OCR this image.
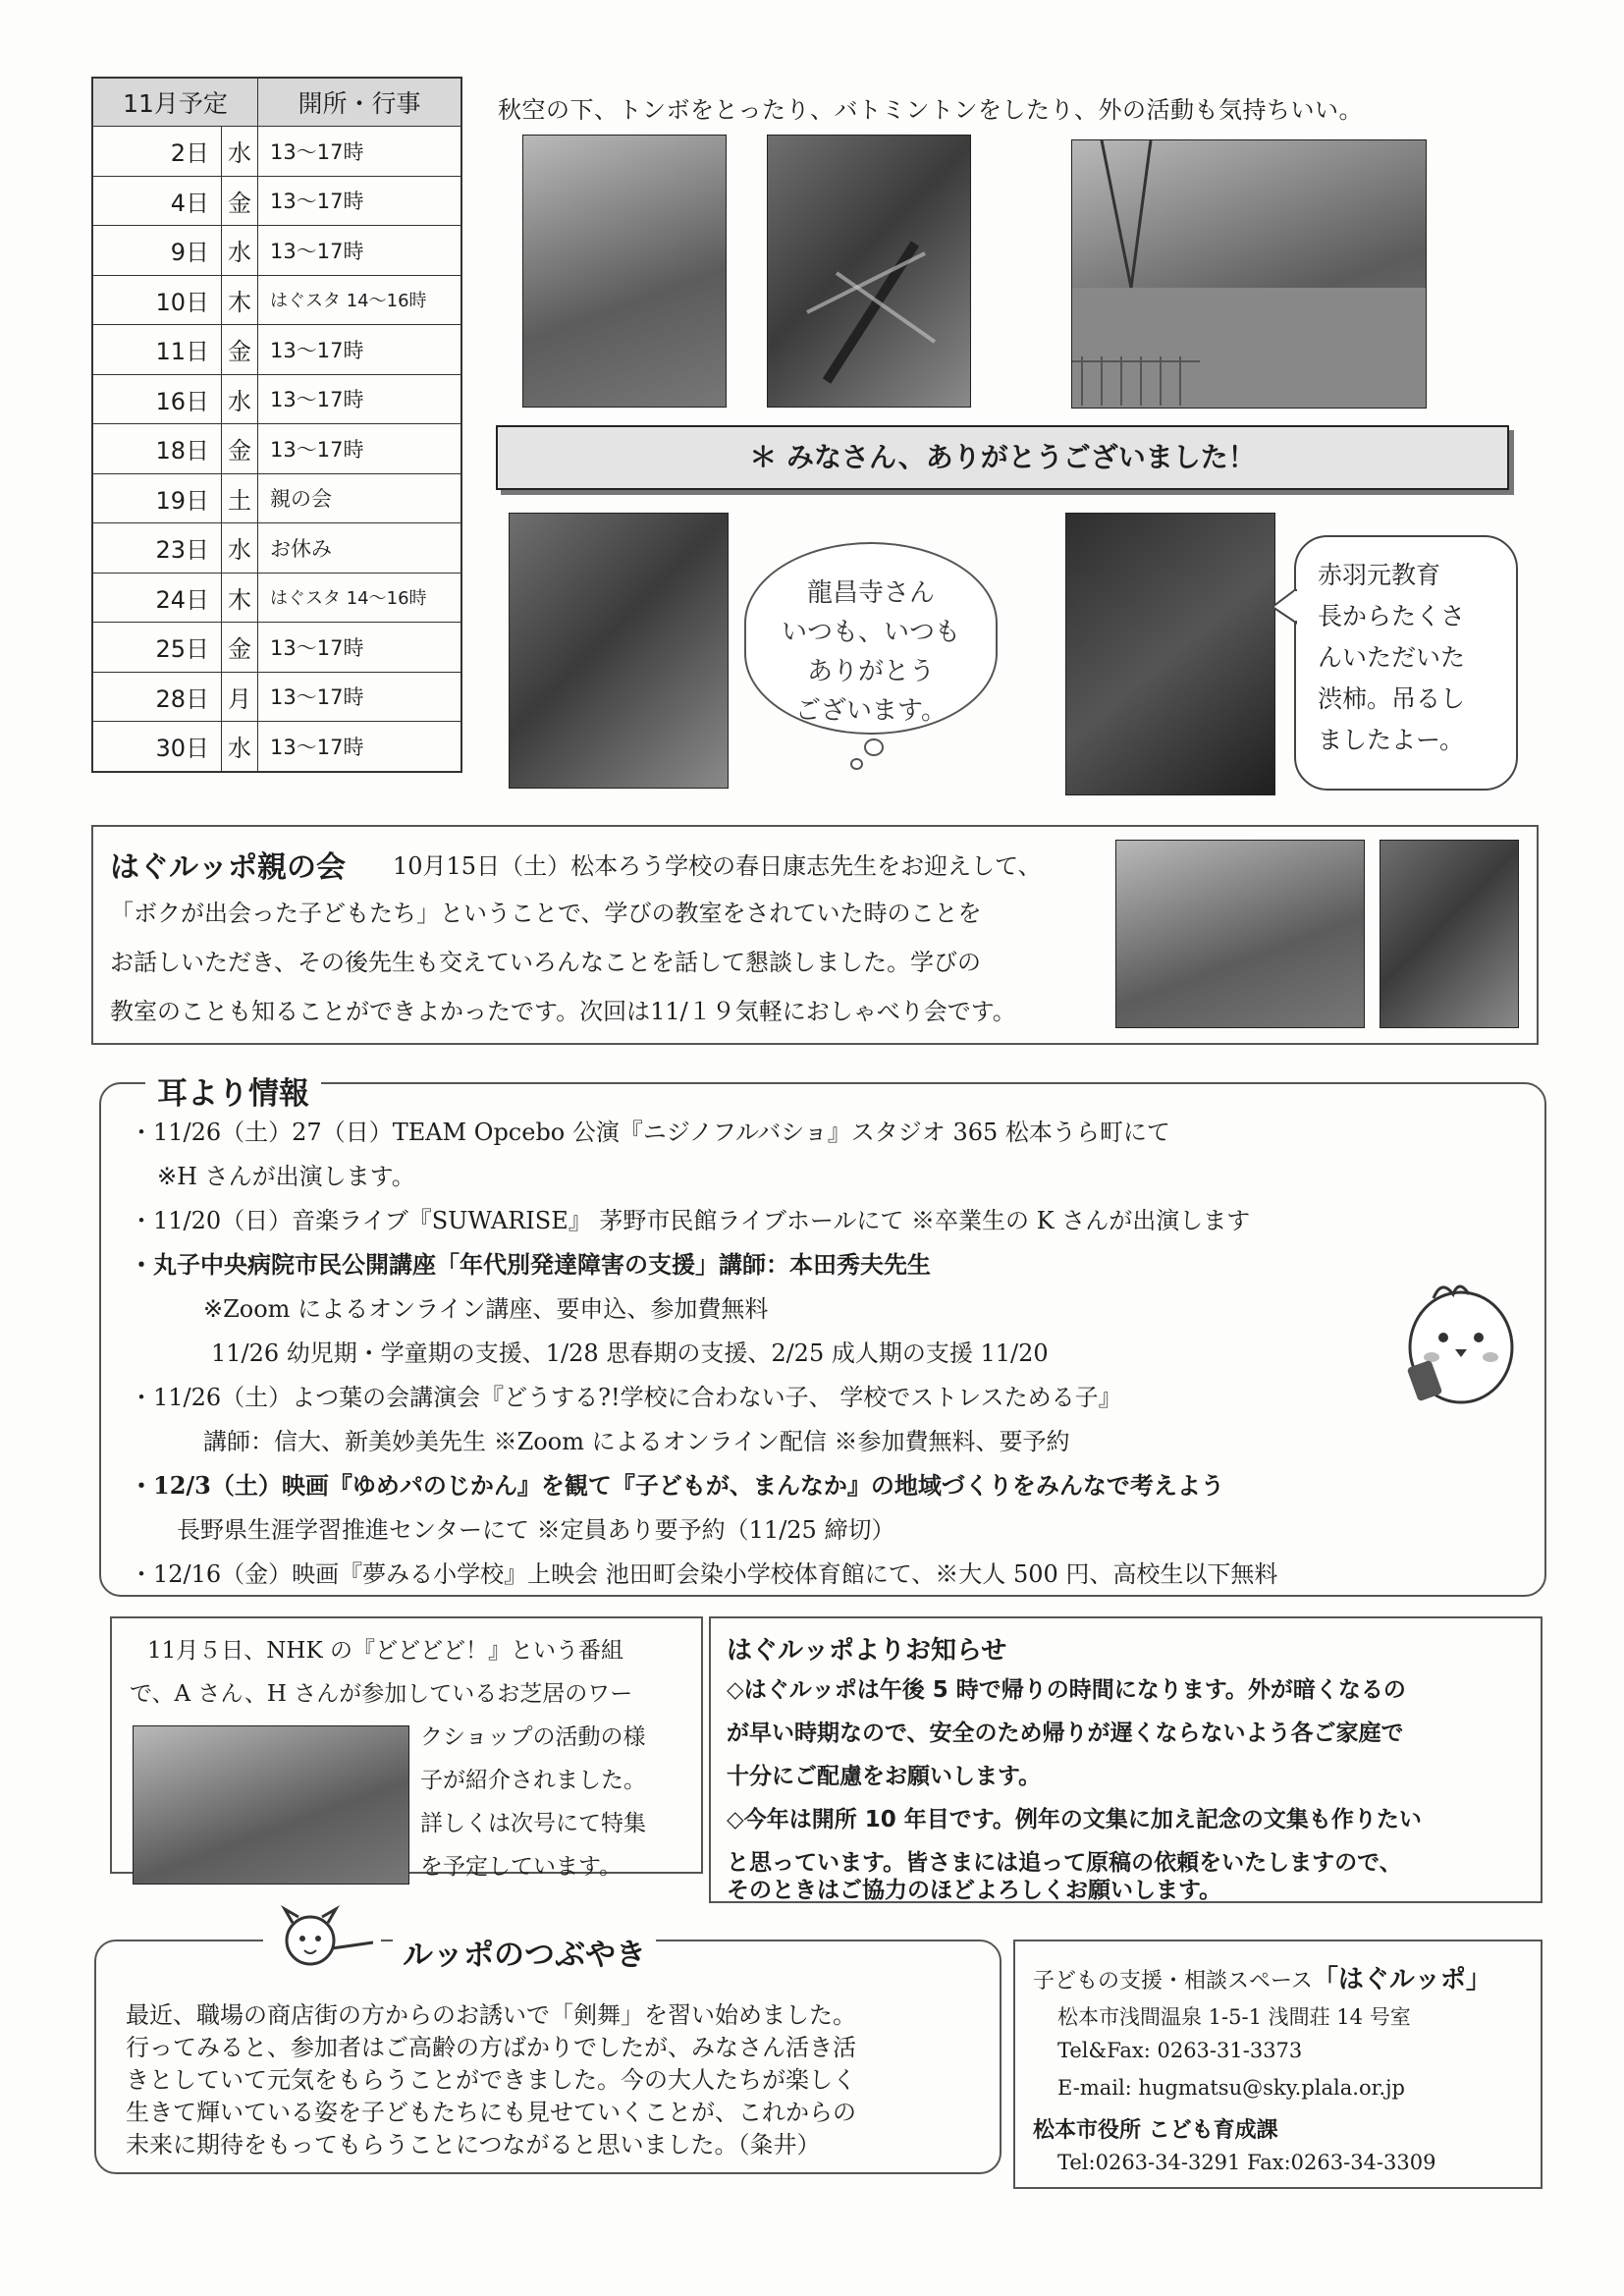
11月予定		開所・行事
2日	水	13～17時
4日	金	13～17時
9日	水	13～17時
10日	木	はぐスタ 14～16時
11日	金	13～17時
16日	水	13～17時
18日	金	13～17時
19日	土	親の会
23日	水	お休み
24日	木	はぐスタ 14～16時
25日	金	13～17時
28日	月	13～17時
30日	水	13～17時
秋空の下、トンボをとったり、バトミントンをしたり、外の活動も気持ちいい。
＊ みなさん、ありがとうございました！
龍昌寺さん
いつも、いつも
ありがとう
ございます。
赤羽元教育
長からたくさ
んいただいた
渋柿。吊るし
ましたよー。
はぐルッポ親の会 10月15日（土）松本ろう学校の春日康志先生をお迎えして、
「ボクが出会った子どもたち」ということで、学びの教室をされていた時のことを
お話しいただき、その後先生も交えていろんなことを話して懇談しました。学びの
教室のことも知ることができよかったです。次回は11/１９気軽におしゃべり会です。
耳より情報
・11/26（土）27（日）TEAM Opcebo 公演『ニジノフルバショ』スタジオ 365 松本うら町にて
※H さんが出演します。
・11/20（日）音楽ライブ『SUWARISE』 茅野市民館ライブホールにて ※卒業生の K さんが出演します
・丸子中央病院市民公開講座「年代別発達障害の支援」講師：本田秀夫先生
※Zoom によるオンライン講座、要申込、参加費無料
11/26 幼児期・学童期の支援、1/28 思春期の支援、2/25 成人期の支援 11/20
・11/26（土）よつ葉の会講演会『どうする?!学校に合わない子、 学校でストレスためる子』
講師：信大、新美妙美先生 ※Zoom によるオンライン配信 ※参加費無料、要予約
・12/3（土）映画『ゆめパのじかん』を観て『子どもが、まんなか』の地域づくりをみんなで考えよう
長野県生涯学習推進センターにて ※定員あり要予約（11/25 締切）
・12/16（金）映画『夢みる小学校』上映会 池田町会染小学校体育館にて、※大人 500 円、高校生以下無料
11月５日、NHK の『どどどど！』という番組
で、A さん、H さんが参加しているお芝居のワー
クショップの活動の様
子が紹介されました。
詳しくは次号にて特集
を予定しています。
はぐルッポよりお知らせ
◇はぐルッポは午後 5 時で帰りの時間になります。外が暗くなるの
が早い時期なので、安全のため帰りが遅くならないよう各ご家庭で
十分にご配慮をお願いします。
◇今年は開所 10 年目です。例年の文集に加え記念の文集も作りたい
と思っています。皆さまには追って原稿の依頼をいたしますので、
そのときはご協力のほどよろしくお願いします。
ルッポのつぶやき
最近、職場の商店街の方からのお誘いで「剣舞」を習い始めました。
行ってみると、参加者はご高齢の方ばかりでしたが、みなさん活き活
きとしていて元気をもらうことができました。今の大人たちが楽しく
生きて輝いている姿を子どもたちにも見せていくことが、これからの
未来に期待をもってもらうことにつながると思いました。（粂井）
子どもの支援・相談スペース「はぐルッポ」
松本市浅間温泉 1-5-1 浅間荘 14 号室
Tel&Fax: 0263-31-3373
E-mail: hugmatsu@sky.plala.or.jp
松本市役所 こども育成課
Tel:0263-34-3291 Fax:0263-34-3309
